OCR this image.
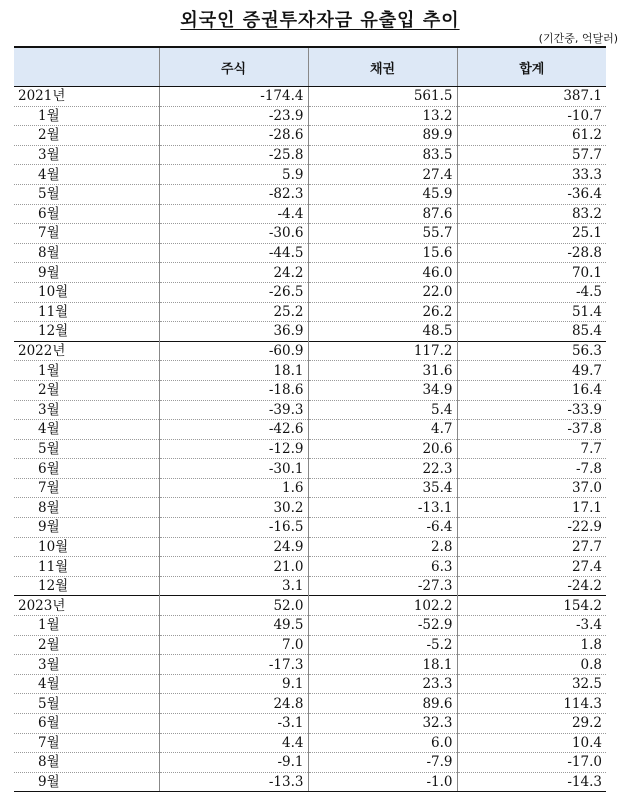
외국인 증권투자자금 유출입 추이
(기간중, 억달러)
	주식	채권	합계
2021년	-174.4	561.5	387.1
1월	-23.9	13.2	-10.7
2월	-28.6	89.9	61.2
3월	-25.8	83.5	57.7
4월	5.9	27.4	33.3
5월	-82.3	45.9	-36.4
6월	-4.4	87.6	83.2
7월	-30.6	55.7	25.1
8월	-44.5	15.6	-28.8
9월	24.2	46.0	70.1
10월	-26.5	22.0	-4.5
11월	25.2	26.2	51.4
12월	36.9	48.5	85.4
2022년	-60.9	117.2	56.3
1월	18.1	31.6	49.7
2월	-18.6	34.9	16.4
3월	-39.3	5.4	-33.9
4월	-42.6	4.7	-37.8
5월	-12.9	20.6	7.7
6월	-30.1	22.3	-7.8
7월	1.6	35.4	37.0
8월	30.2	-13.1	17.1
9월	-16.5	-6.4	-22.9
10월	24.9	2.8	27.7
11월	21.0	6.3	27.4
12월	3.1	-27.3	-24.2
2023년	52.0	102.2	154.2
1월	49.5	-52.9	-3.4
2월	7.0	-5.2	1.8
3월	-17.3	18.1	0.8
4월	9.1	23.3	32.5
5월	24.8	89.6	114.3
6월	-3.1	32.3	29.2
7월	4.4	6.0	10.4
8월	-9.1	-7.9	-17.0
9월	-13.3	-1.0	-14.3
